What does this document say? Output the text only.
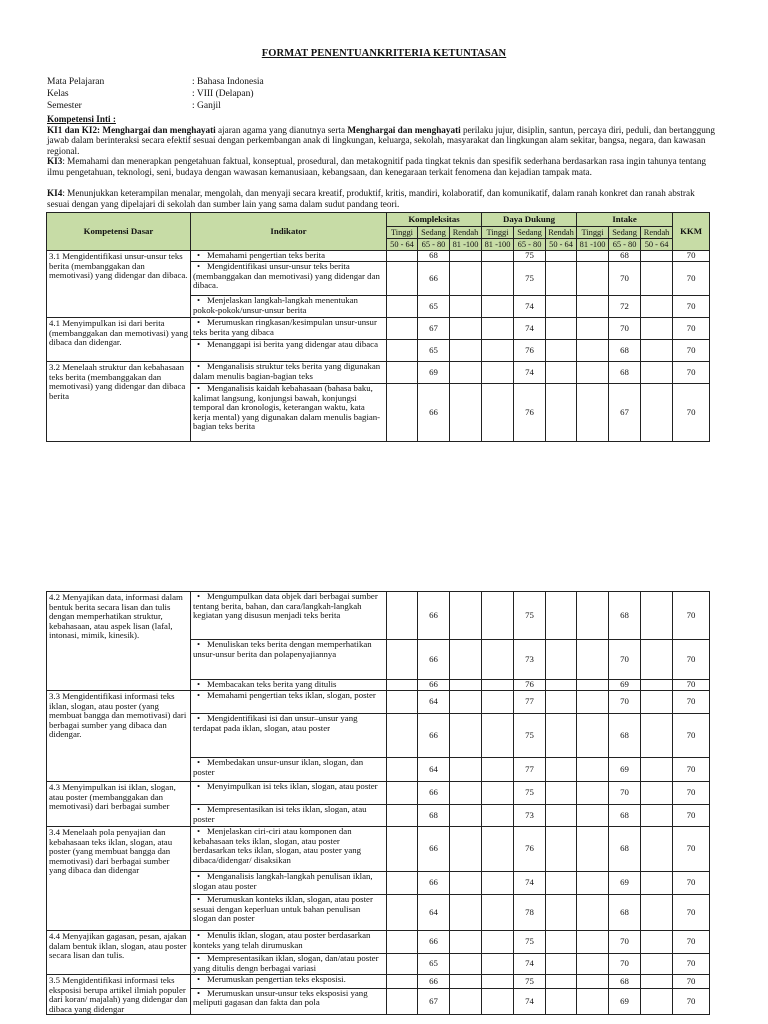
FORMAT PENENTUANKRITERIA KETUNTASAN
Mata Pelajaran	: Bahasa Indonesia
Kelas	: VIII (Delapan)
Semester	: Ganjil

Kompetensi Inti :

KI1 dan KI2: Menghargai dan menghayati ajaran agama yang dianutnya serta Menghargai dan menghayati perilaku jujur, disiplin, santun, percaya diri, peduli, dan bertanggung jawab dalam berinteraksi secara efektif sesuai dengan perkembangan anak di lingkungan, keluarga, sekolah, masyarakat dan lingkungan alam sekitar, bangsa, negara, dan kawasan regional.

KI3: Memahami dan menerapkan pengetahuan faktual, konseptual, prosedural, dan metakognitif pada tingkat teknis dan spesifik sederhana berdasarkan rasa ingin tahunya tentang ilmu pengetahuan, teknologi, seni, budaya dengan wawasan kemanusiaan, kebangsaan, dan kenegaraan terkait fenomena dan kejadian tampak mata.

KI4: Menunjukkan keterampilan menalar, mengolah, dan menyaji secara kreatif, produktif, kritis, mandiri, kolaboratif, dan komunikatif, dalam ranah konkret dan ranah abstrak sesuai dengan yang dipelajari di sekolah dan sumber lain yang sama dalam sudut pandang teori.

Kompetensi Dasar	Indikator	Kompleksitas			Daya Dukung			Intake			KKM
		Tinggi	Sedang	Rendah	Tinggi	Sedang	Rendah	Tinggi	Sedang	Rendah	
		50 - 64	65 - 80	81 -100	81 -100	65 - 80	50 - 64	81 -100	65 - 80	50 - 64	
3.1 Mengidentifikasi unsur-unsur teks berita (membanggakan dan memotivasi) yang didengar dan dibaca.	• Memahami pengertian teks berita		68			75			68		70
• Mengidentifikasi unsur-unsur teks berita (membanggakan dan memotivasi) yang didengar dan dibaca.		66			75			70		70
• Menjelaskan langkah-langkah menentukan pokok-pokok/unsur-unsur berita		65			74			72		70
4.1 Menyimpulkan isi dari berita (membanggakan dan memotivasi) yang dibaca dan didengar.	• Merumuskan ringkasan/kesimpulan unsur-unsur teks berita yang dibaca		67			74			70		70
• Menanggapi isi berita yang didengar atau dibaca		65			76			68		70
3.2 Menelaah struktur dan kebahasaan teks berita (membanggakan dan memotivasi) yang didengar dan dibaca berita	• Menganalisis struktur teks berita yang digunakan dalam menulis bagian-bagian teks		69			74			68		70
• Menganalisis kaidah kebahasaan (bahasa baku, kalimat langsung, konjungsi bawah, konjungsi temporal dan kronologis, keterangan waktu, kata kerja mental) yang digunakan dalam menulis bagian-bagian teks berita		66			76			67		70
4.2 Menyajikan data, informasi dalam bentuk berita secara lisan dan tulis dengan memperhatikan struktur, kebahasaan, atau aspek lisan (lafal, intonasi, mimik, kinesik).	• Mengumpulkan data objek dari berbagai sumber tentang berita, bahan, dan cara/langkah-langkah kegiatan yang disusun menjadi teks berita		66			75			68		70
• Menuliskan teks berita dengan memperhatikan unsur-unsur berita dan polapenyajiannya		66			73			70		70
• Membacakan teks berita yang ditulis		66			76			69		70
3.3 Mengidentifikasi informasi teks iklan, slogan, atau poster (yang membuat bangga dan memotivasi) dari berbagai sumber yang dibaca dan didengar.	• Memahami pengertian teks iklan, slogan, poster		64			77			70		70
• Mengidentifikasi isi dan unsur–unsur yang terdapat pada iklan, slogan, atau poster		66			75			68		70
• Membedakan unsur-unsur iklan, slogan, dan poster		64			77			69		70
4.3 Menyimpulkan isi iklan, slogan, atau poster (membanggakan dan memotivasi) dari berbagai sumber	• Menyimpulkan isi teks iklan, slogan, atau poster		66			75			70		70
• Mempresentasikan isi teks iklan, slogan, atau poster		68			73			68		70
3.4 Menelaah pola penyajian dan kebahasaan teks iklan, slogan, atau poster (yang membuat bangga dan memotivasi) dari berbagai sumber yang dibaca dan didengar	• Menjelaskan ciri-ciri atau komponen dan kebahasaan teks iklan, slogan, atau poster berdasarkan teks iklan, slogan, atau poster yang dibaca/didengar/ disaksikan		66			76			68		70
• Menganalisis langkah-langkah penulisan iklan, slogan atau poster		66			74			69		70
• Merumuskan konteks iklan, slogan, atau poster sesuai dengan keperluan untuk bahan penulisan slogan dan poster		64			78			68		70
4.4 Menyajikan gagasan, pesan, ajakan dalam bentuk iklan, slogan, atau poster secara lisan dan tulis.	• Menulis iklan, slogan, atau poster berdasarkan konteks yang telah dirumuskan		66			75			70		70
• Mempresentasikan iklan, slogan, dan/atau poster yang ditulis dengn berbagai variasi		65			74			70		70
3.5 Mengidentifikasi informasi teks eksposisi berupa artikel ilmiah populer dari koran/ majalah) yang didengar dan dibaca yang didengar	• Merumuskan pengertian teks eksposisi.		66			75			68		70
• Merumuskan unsur-unsur teks eksposisi yang meliputi gagasan dan fakta dan pola		67			74			69		70
